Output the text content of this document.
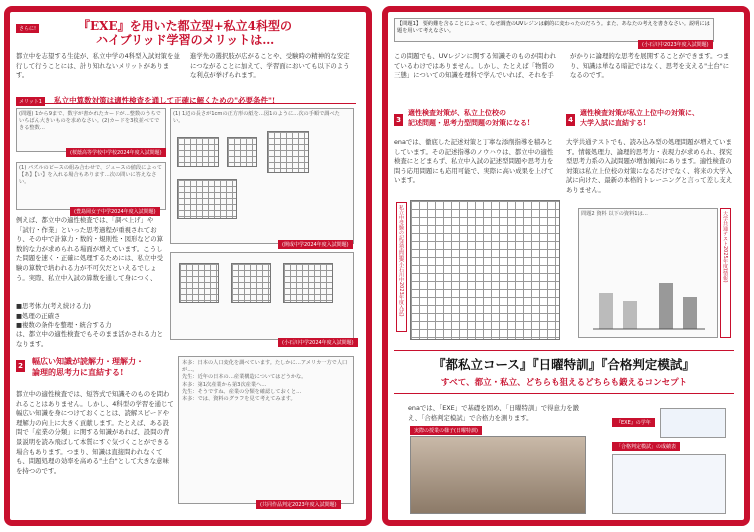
さらに!	『EXE』を用いた都立型+私立4科型の
ハイブリッド学習のメリットは…
都立中を志望する生徒が、私立中学の4科型入試対策を並行して行うことには、計り知れないメリットがあります。
進学先の選択肢が広がることや、受験時の精神的な安定につながることに加えて、学習面においても以下のような利点が挙げられます。
メリット1 私立中算数対策は適性検査を通して正確に解くための"必要条件"!
(問題) 1から9まで、数字が書かれたカードが…整数のうちでいちばん大きいものを求めなさい。(2)カードを3枚並べてできる整数…
(桜蔭高等学校中学校2024年度入試問題)
(1) パズルのピースの組み合わせで、ジュースの値段によって【あ】【い】を入れる場合もあります…次の問いに答えなさい。
(豊島岡女子中学2024年度入試問題)
(1) 1辺の長さが1cmの正方形の紙を…図1のように…次の手順で調べたい。
(開成中学2024年度入試問題)
例えば、都立中の適性検査では、「調べ上げ」や「試行・作業」といった思考過程が重視されており、その中で計算力・数的・規則性・図形などの算数的な力が求められる場面が増えています。こうした問題を速く・正確に処理するためには、私立中受験の算数で培われる力が不可欠だといえるでしょう。実際、私立中入試の算数を通して身につく、
■思考体力(考え続ける力)
■処理の正確さ
■複数の条件を整理・統合する力
は、都立中の適性検査でもそのまま活かされる力となります。	(小石川中学2024年度入試問題)
2 幅広い知識が読解力・理解力・
論理的思考力に直結する!
都立中の適性検査では、短答式で知識そのものを問われることはありません。しかし、4科型の学習を通じて幅広い知識を身につけておくことは、読解スピードや理解力の向上に大きく貢献します。たとえば、ある設問で「産業の分類」に関する知識があれば、設問の背景説明を読み飛ばして本質にすぐ気づくことができる場合もあります。つまり、知識は直接問われなくても、問題処理の効率を高める"土台"として大きな意味を持つのです。
本多：日本の人口変化を調べています。たしかに…アメリカ一方で人口が…。
先生：近年の日本の…産業構造についてはどうかな。
本多：第1次産業から第3次産業へ…
先生：そうですね、産業の分類を確認しておくと…
本多：では、資料のグラフを見て考えてみます。
(共同作品判定2023年度入試問題)
5
【問題1】 要約難を含ることによって、なぜ調査のUVレジンは劇的に変わったのだろう。また、あなたの考えを書きなさい。説明には題を用いて考えなさい。
(小石川中2023年度入試問題)
この問題でも、UVレジンに関する知識そのものが問われているわけではありません。しかし、たとえば「物質の三態」についての知識を理科で学んでいれば、それを手がかりに論理的な思考を展開することができます。つまり、知識は単なる暗記ではなく、思考を支える"土台"になるのです。
3
適性検査対策が、私立上位校の
記述問題・思考力型問題の対策になる!
enaでは、徹底した記述対策と丁寧な添削指導を積みとしています。その記述指導のノウハウは、都立中の適性検査にとどまらず、私立中入試の記述型問題や思考力を問う応用問題にも応用可能で、実際に高い成果を上げています。
4
適性検査対策が私立上位中の対策に、
大学入試に直結する!
大学共通テストでも、読み込み型の処理問題が増えています。情報処理力、論理的思考力・表現力が求められ、探究型思考力系の入試問題が増加傾向にあります。適性検査の対策は私立上位校の対策になるだけでなく、将来の大学入試に向けた、最新の本格的トレーニングと言って差し支えありません。
私立中受験の記述型問題(小石川中2023年度入試)	問題2 資料 以下の資料1は…	大学共通テスト2025年度(情報)
『都私立コース』『日曜特訓』『合格判定模試』
すべて、都立・私立、どちらも狙えるどちらも鍛えるコンセプト
enaでは、「EXE」で基礎を固め、「日曜特訓」で得意力を鍛え、「合格判定模試」で合格力を測ります。
実際の授業の様子(日曜特訓)
『EXE』の学年
「合格判定模試」の成績表
6
